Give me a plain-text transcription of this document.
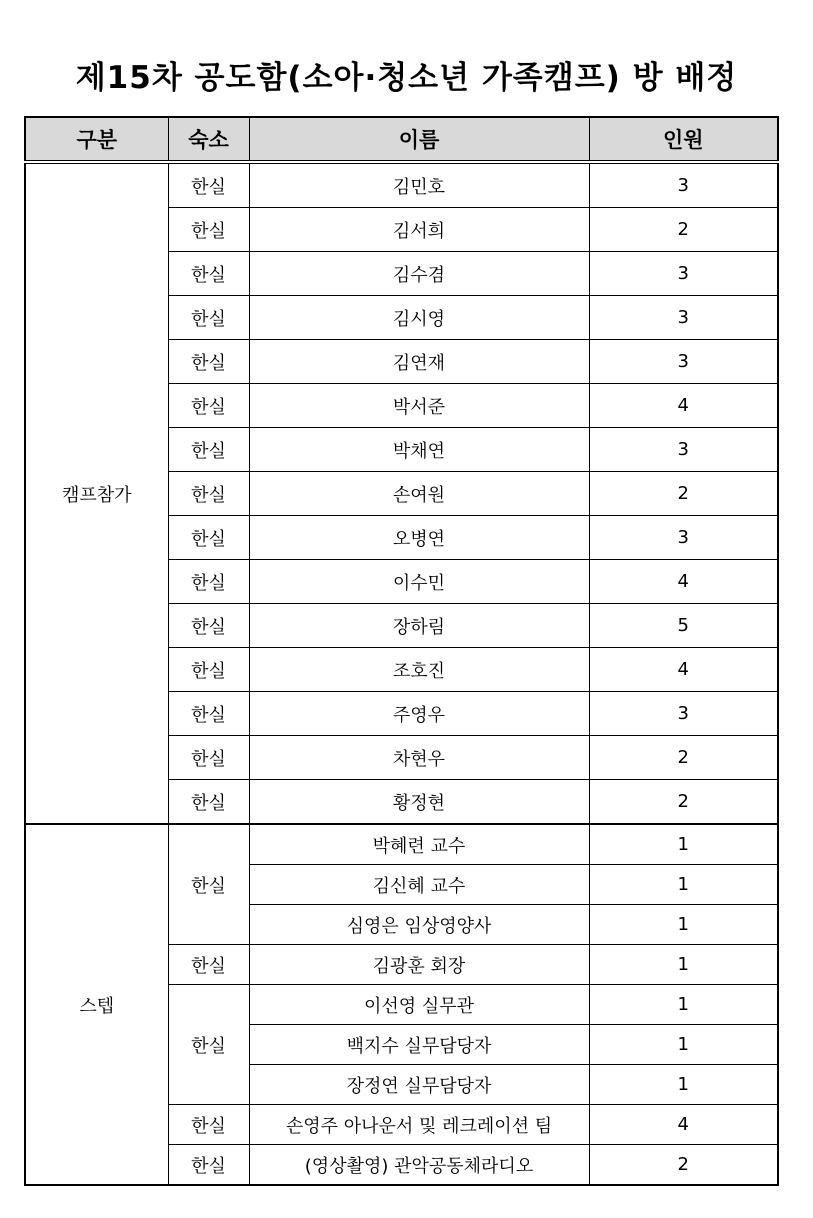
제15차 공도함(소아·청소년 가족캠프) 방 배정
구분	숙소	이름	인원
캠프참가	한실	김민호	3
	한실	김서희	2
	한실	김수겸	3
	한실	김시영	3
	한실	김연재	3
	한실	박서준	4
	한실	박채연	3
	한실	손여원	2
	한실	오병연	3
	한실	이수민	4
	한실	장하림	5
	한실	조호진	4
	한실	주영우	3
	한실	차현우	2
	한실	황정현	2
스텝	한실	박혜련 교수	1
		김신혜 교수	1
		심영은 임상영양사	1
	한실	김광훈 회장	1
	한실	이선영 실무관	1
		백지수 실무담당자	1
		장정연 실무담당자	1
	한실	손영주 아나운서 및 레크레이션 팀	4
	한실	(영상촬영) 관악공동체라디오	2
